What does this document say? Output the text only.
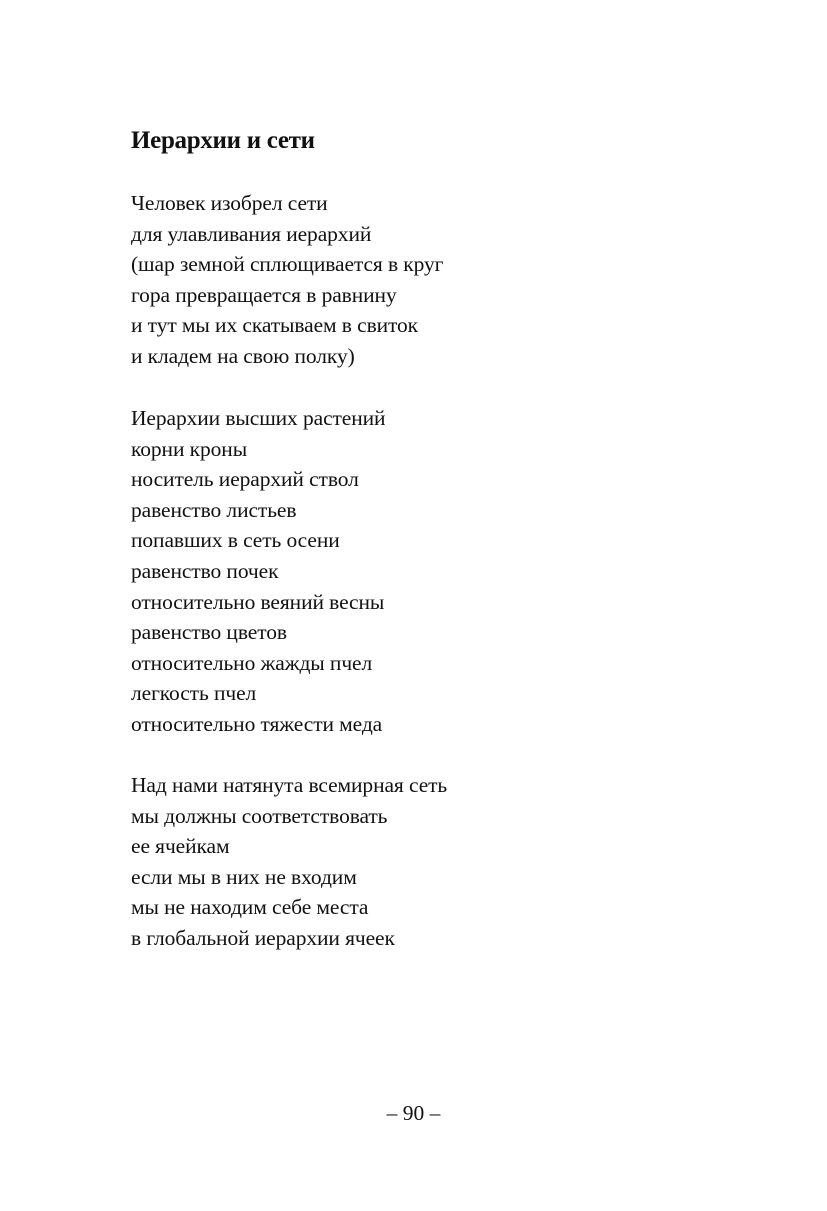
Иерархии и сети
Человек изобрел сети
для улавливания иерархий
(шар земной сплющивается в круг
гора превращается в равнину
и тут мы их скатываем в свиток
и кладем на свою полку)
Иерархии высших растений
корни кроны
носитель иерархий ствол
равенство листьев
попавших в сеть осени
равенство почек
относительно веяний весны
равенство цветов
относительно жажды пчел
легкость пчел
относительно тяжести меда
Над нами натянута всемирная сеть
мы должны соответствовать
ее ячейкам
если мы в них не входим
мы не находим себе места
в глобальной иерархии ячеек

– 90 –
